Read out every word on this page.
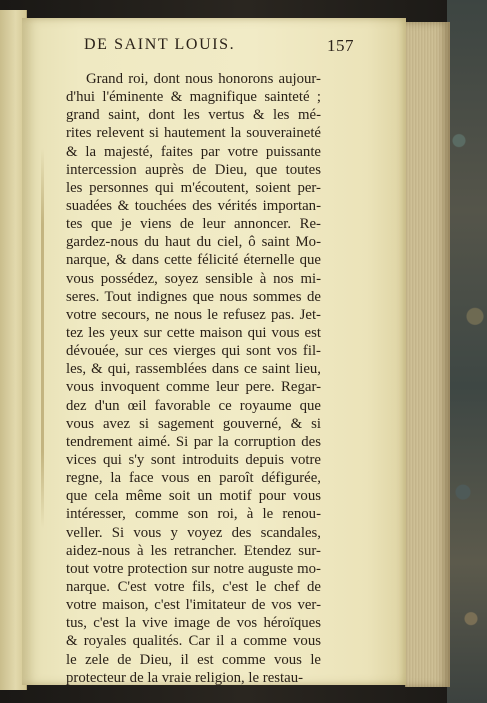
DE SAINT LOUIS.	157
Grand roi, dont nous honorons aujour-
d'hui l'éminente & magnifique sainteté ;
grand saint, dont les vertus & les mé-
rites relevent si hautement la souveraineté
& la majesté, faites par votre puissante
intercession auprès de Dieu, que toutes
les personnes qui m'écoutent, soient per-
suadées & touchées des vérités importan-
tes que je viens de leur annoncer. Re-
gardez-nous du haut du ciel, ô saint Mo-
narque, & dans cette félicité éternelle que
vous possédez, soyez sensible à nos mi-
seres. Tout indignes que nous sommes de
votre secours, ne nous le refusez pas. Jet-
tez les yeux sur cette maison qui vous est
dévouée, sur ces vierges qui sont vos fil-
les, & qui, rassemblées dans ce saint lieu,
vous invoquent comme leur pere. Regar-
dez d'un œil favorable ce royaume que
vous avez si sagement gouverné, & si
tendrement aimé. Si par la corruption des
vices qui s'y sont introduits depuis votre
regne, la face vous en paroît défigurée,
que cela même soit un motif pour vous
intéresser, comme son roi, à le renou-
veller. Si vous y voyez des scandales,
aidez-nous à les retrancher. Etendez sur-
tout votre protection sur notre auguste mo-
narque. C'est votre fils, c'est le chef de
votre maison, c'est l'imitateur de vos ver-
tus, c'est la vive image de vos héroïques
& royales qualités. Car il a comme vous
le zele de Dieu, il est comme vous le
protecteur de la vraie religion, le restau-
